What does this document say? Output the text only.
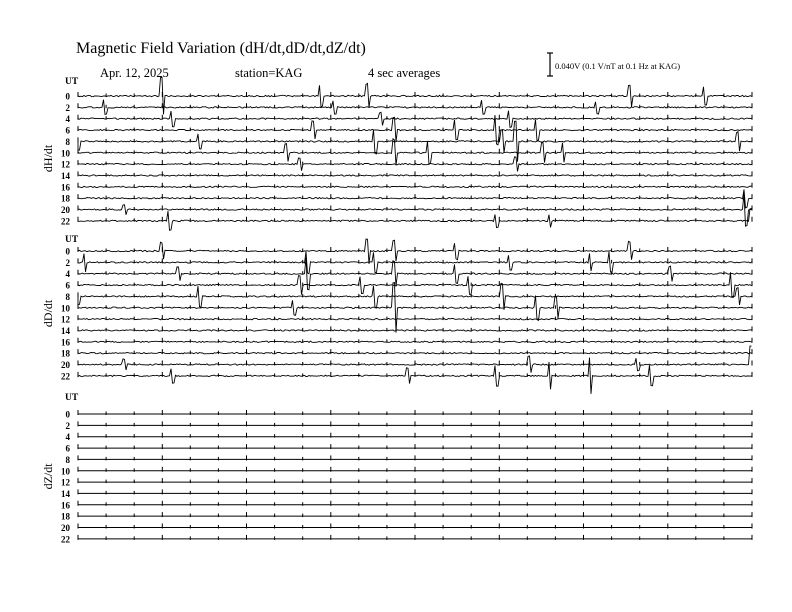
Magnetic Field Variation (dH/dt,dD/dt,dZ/dt)
Apr. 12, 2025	station=KAG	4 sec averages	0.040V (0.1 V/nT at 0.1 Hz at KAG)
UT
dH/dt
0
2
4
6
8
10
12
14
16
18
20
22
UT
dD/dt
0
2
4
6
8
10
12
14
16
18
20
22
UT
dZ/dt
0
2
4
6
8
10
12
14
16
18
20
22
